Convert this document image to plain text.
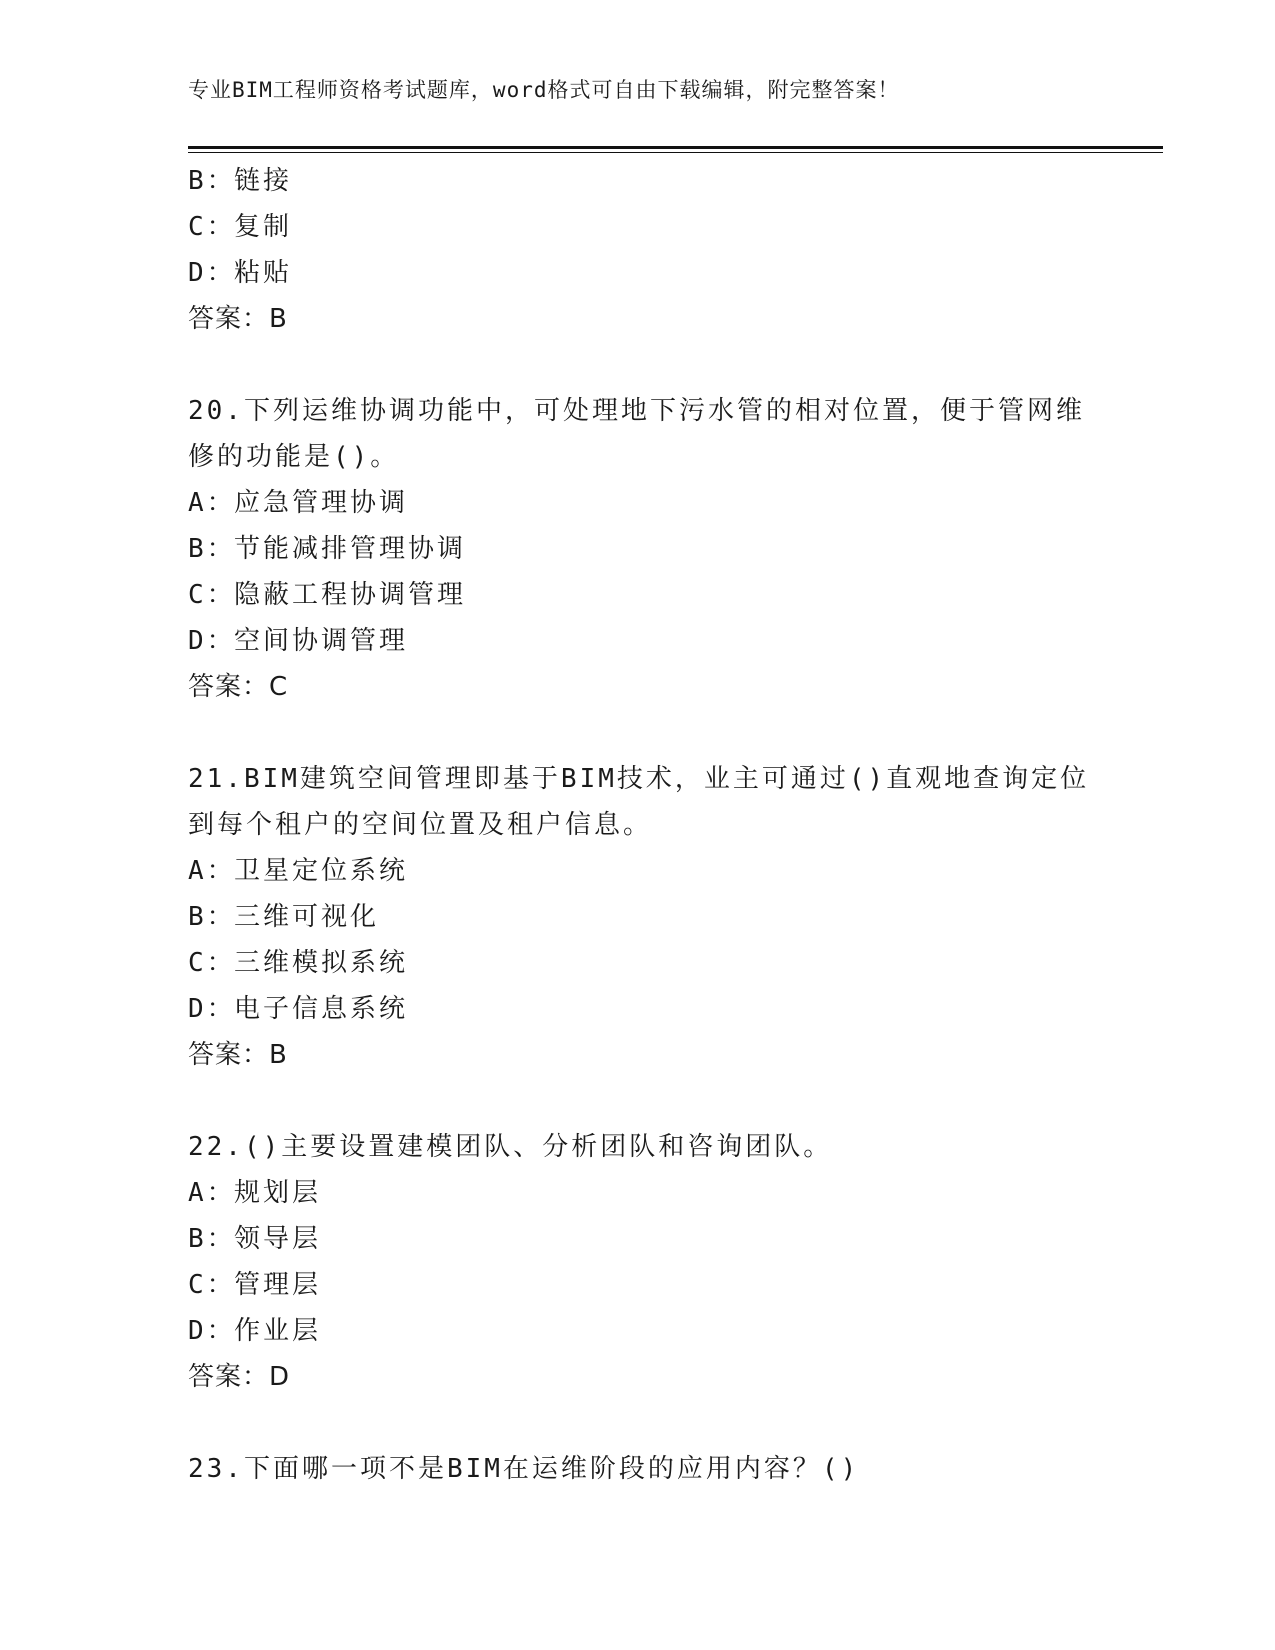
专业BIM工程师资格考试题库，word格式可自由下载编辑，附完整答案！
B：链接
C：复制
D：粘贴
答案：B
20.下列运维协调功能中，可处理地下污水管的相对位置，便于管网维
修的功能是()。
A：应急管理协调
B：节能减排管理协调
C：隐蔽工程协调管理
D：空间协调管理
答案：C
21.BIM建筑空间管理即基于BIM技术，业主可通过()直观地查询定位
到每个租户的空间位置及租户信息。
A：卫星定位系统
B：三维可视化
C：三维模拟系统
D：电子信息系统
答案：B
22.()主要设置建模团队、分析团队和咨询团队。
A：规划层
B：领导层
C：管理层
D：作业层
答案：D
23.下面哪一项不是BIM在运维阶段的应用内容？()
